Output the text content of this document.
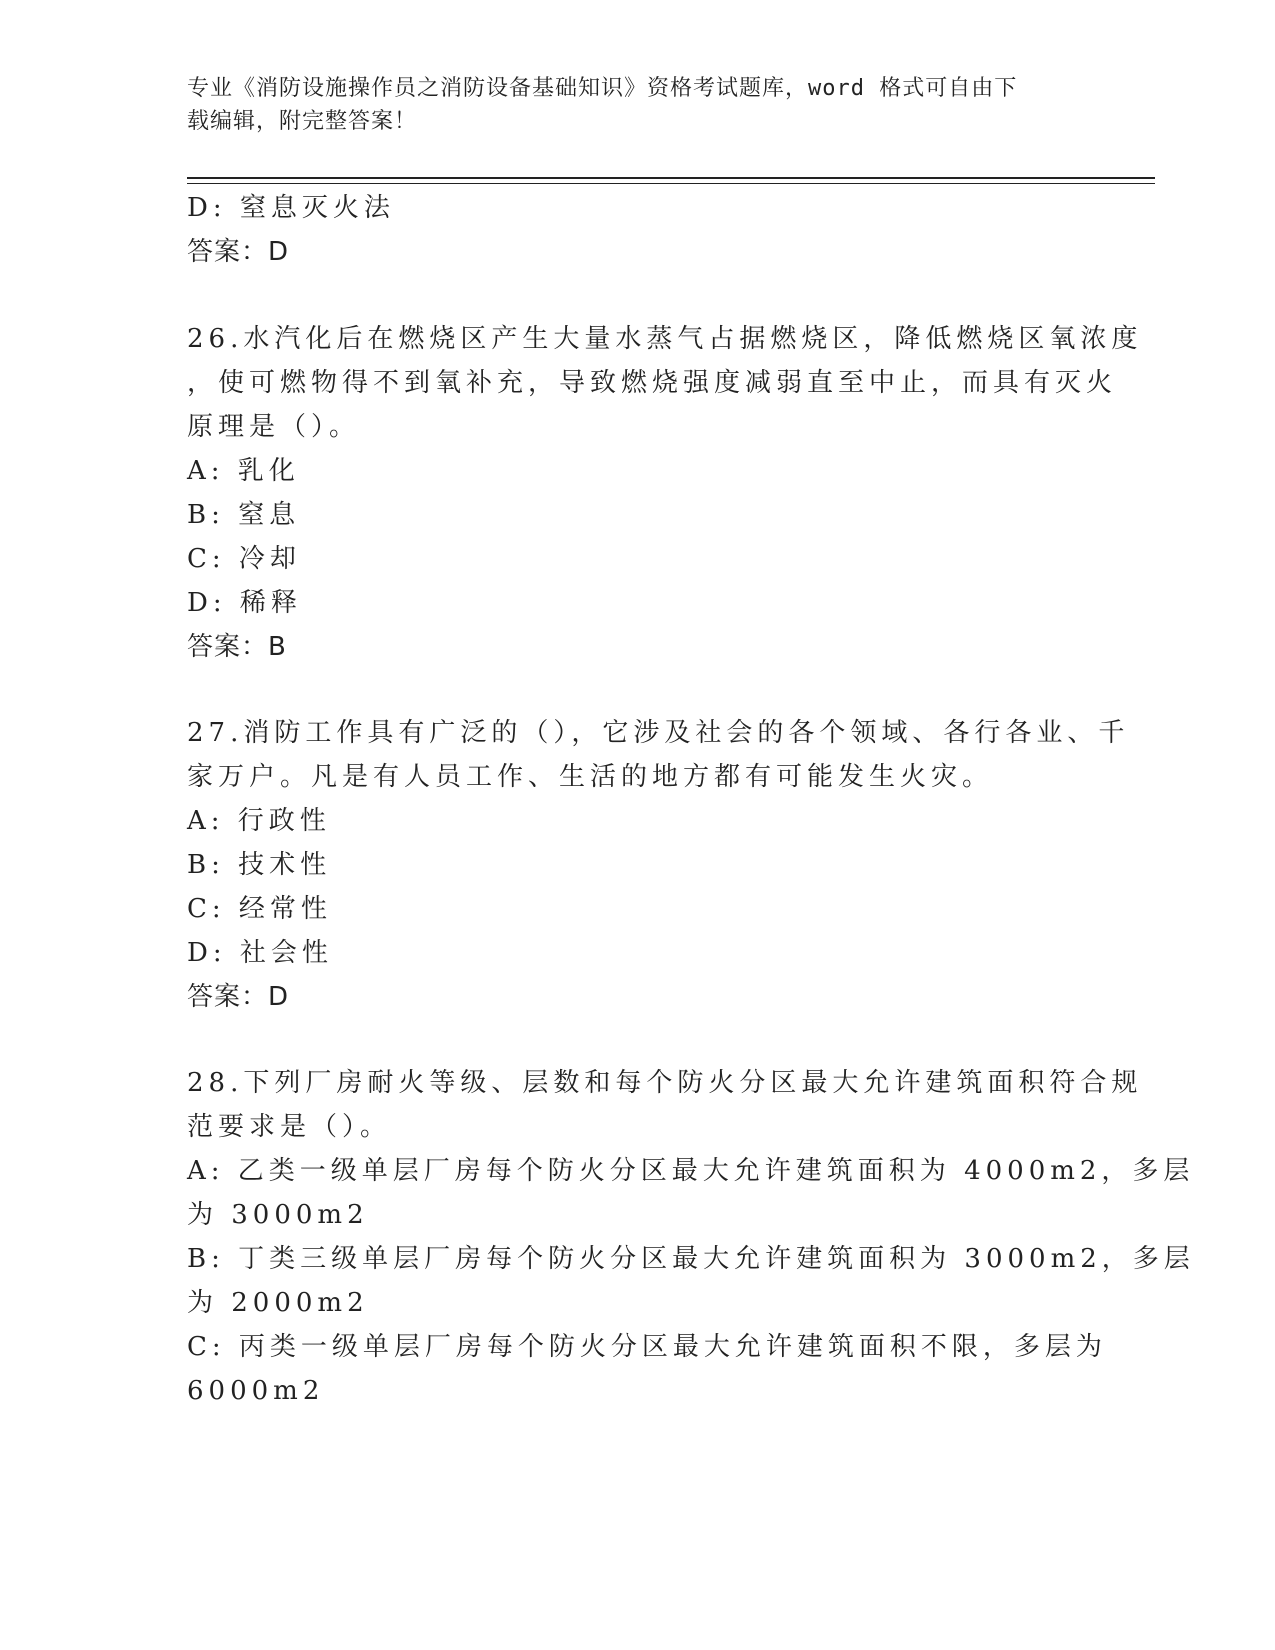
专业《消防设施操作员之消防设备基础知识》资格考试题库，word 格式可自由下
载编辑，附完整答案！
D: 窒息灭火法
答案：D
26.水汽化后在燃烧区产生大量水蒸气占据燃烧区，降低燃烧区氧浓度
，使可燃物得不到氧补充，导致燃烧强度减弱直至中止，而具有灭火
原理是（）。
A: 乳化
B: 窒息
C: 冷却
D: 稀释
答案：B
27.消防工作具有广泛的（），它涉及社会的各个领域、各行各业、千
家万户。凡是有人员工作、生活的地方都有可能发生火灾。
A: 行政性
B: 技术性
C: 经常性
D: 社会性
答案：D
28.下列厂房耐火等级、层数和每个防火分区最大允许建筑面积符合规
范要求是（）。
A: 乙类一级单层厂房每个防火分区最大允许建筑面积为 4000m2，多层
为 3000m2
B: 丁类三级单层厂房每个防火分区最大允许建筑面积为 3000m2，多层
为 2000m2
C: 丙类一级单层厂房每个防火分区最大允许建筑面积不限，多层为
6000m2
